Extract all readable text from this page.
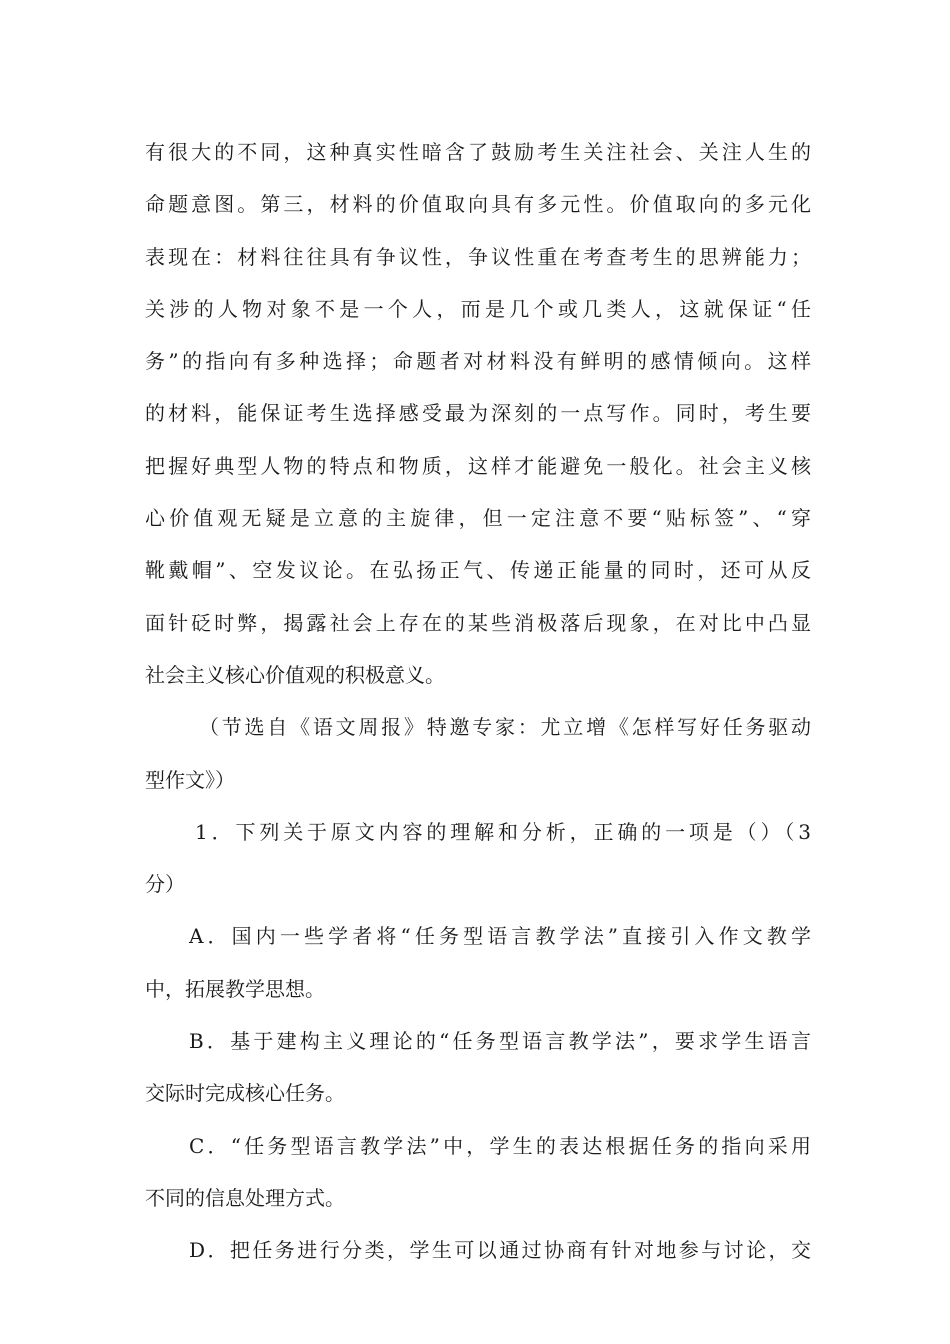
有很大的不同，这种真实性暗含了鼓励考生关注社会、关注人生的
命题意图。第三，材料的价值取向具有多元性。价值取向的多元化
表现在：材料往往具有争议性，争议性重在考查考生的思辨能力；
关涉的人物对象不是一个人，而是几个或几类人，这就保证“任
务”的指向有多种选择；命题者对材料没有鲜明的感情倾向。这样
的材料，能保证考生选择感受最为深刻的一点写作。同时，考生要
把握好典型人物的特点和物质，这样才能避免一般化。社会主义核
心价值观无疑是立意的主旋律，但一定注意不要“贴标签”、“穿
靴戴帽”、空发议论。在弘扬正气、传递正能量的同时，还可从反
面针砭时弊，揭露社会上存在的某些消极落后现象，在对比中凸显
社会主义核心价值观的积极意义。
（节选自《语文周报》特邀专家：尤立增《怎样写好任务驱动
型作文》）
1．下列关于原文内容的理解和分析，正确的一项是（）（3
分）
A．国内一些学者将“任务型语言教学法”直接引入作文教学
中，拓展教学思想。
B．基于建构主义理论的“任务型语言教学法”，要求学生语言
交际时完成核心任务。
C．“任务型语言教学法”中，学生的表达根据任务的指向采用
不同的信息处理方式。
D．把任务进行分类，学生可以通过协商有针对地参与讨论，交
